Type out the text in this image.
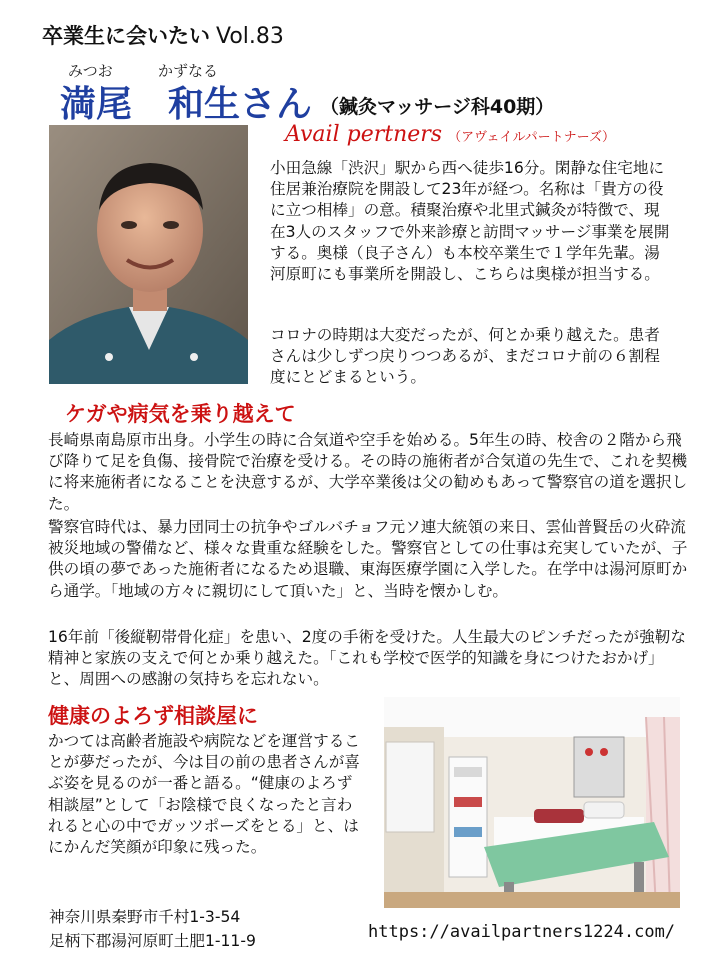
卒業生に会いたい Vol.83
みつお	かずなる
満尾　和生さん （鍼灸マッサージ科40期）
Avail pertners （アヴェイルパートナーズ）
小田急線「渋沢」駅から西へ徒歩16分。閑静な住宅地に住居兼治療院を開設して23年が経つ。名称は「貴方の役に立つ相棒」の意。積聚治療や北里式鍼灸が特徴で、現在3人のスタッフで外来診療と訪問マッサージ事業を展開する。奥様（良子さん）も本校卒業生で１学年先輩。湯河原町にも事業所を開設し、こちらは奥様が担当する。
コロナの時期は大変だったが、何とか乗り越えた。患者さんは少しずつ戻りつつあるが、まだコロナ前の６割程度にとどまるという。
ケガや病気を乗り越えて
長崎県南島原市出身。小学生の時に合気道や空手を始める。5年生の時、校舎の２階から飛び降りて足を負傷、接骨院で治療を受ける。その時の施術者が合気道の先生で、これを契機に将来施術者になることを決意するが、大学卒業後は父の勧めもあって警察官の道を選択した。
警察官時代は、暴力団同士の抗争やゴルバチョフ元ソ連大統領の来日、雲仙普賢岳の火砕流被災地域の警備など、様々な貴重な経験をした。警察官としての仕事は充実していたが、子供の頃の夢であった施術者になるため退職、東海医療学園に入学した。在学中は湯河原町から通学。「地域の方々に親切にして頂いた」と、当時を懐かしむ。
16年前「後縦靭帯骨化症」を患い、2度の手術を受けた。人生最大のピンチだったが強靭な精神と家族の支えで何とか乗り越えた。「これも学校で医学的知識を身につけたおかげ」と、周囲への感謝の気持ちを忘れない。
健康のよろず相談屋に
かつては高齢者施設や病院などを運営することが夢だったが、今は目の前の患者さんが喜ぶ姿を見るのが一番と語る。“健康のよろず相談屋”として「お陰様で良くなったと言われると心の中でガッツポーズをとる」と、はにかんだ笑顔が印象に残った。
神奈川県秦野市千村1-3-54
足柄下郡湯河原町土肥1-11-9	https://availpartners1224.com/
